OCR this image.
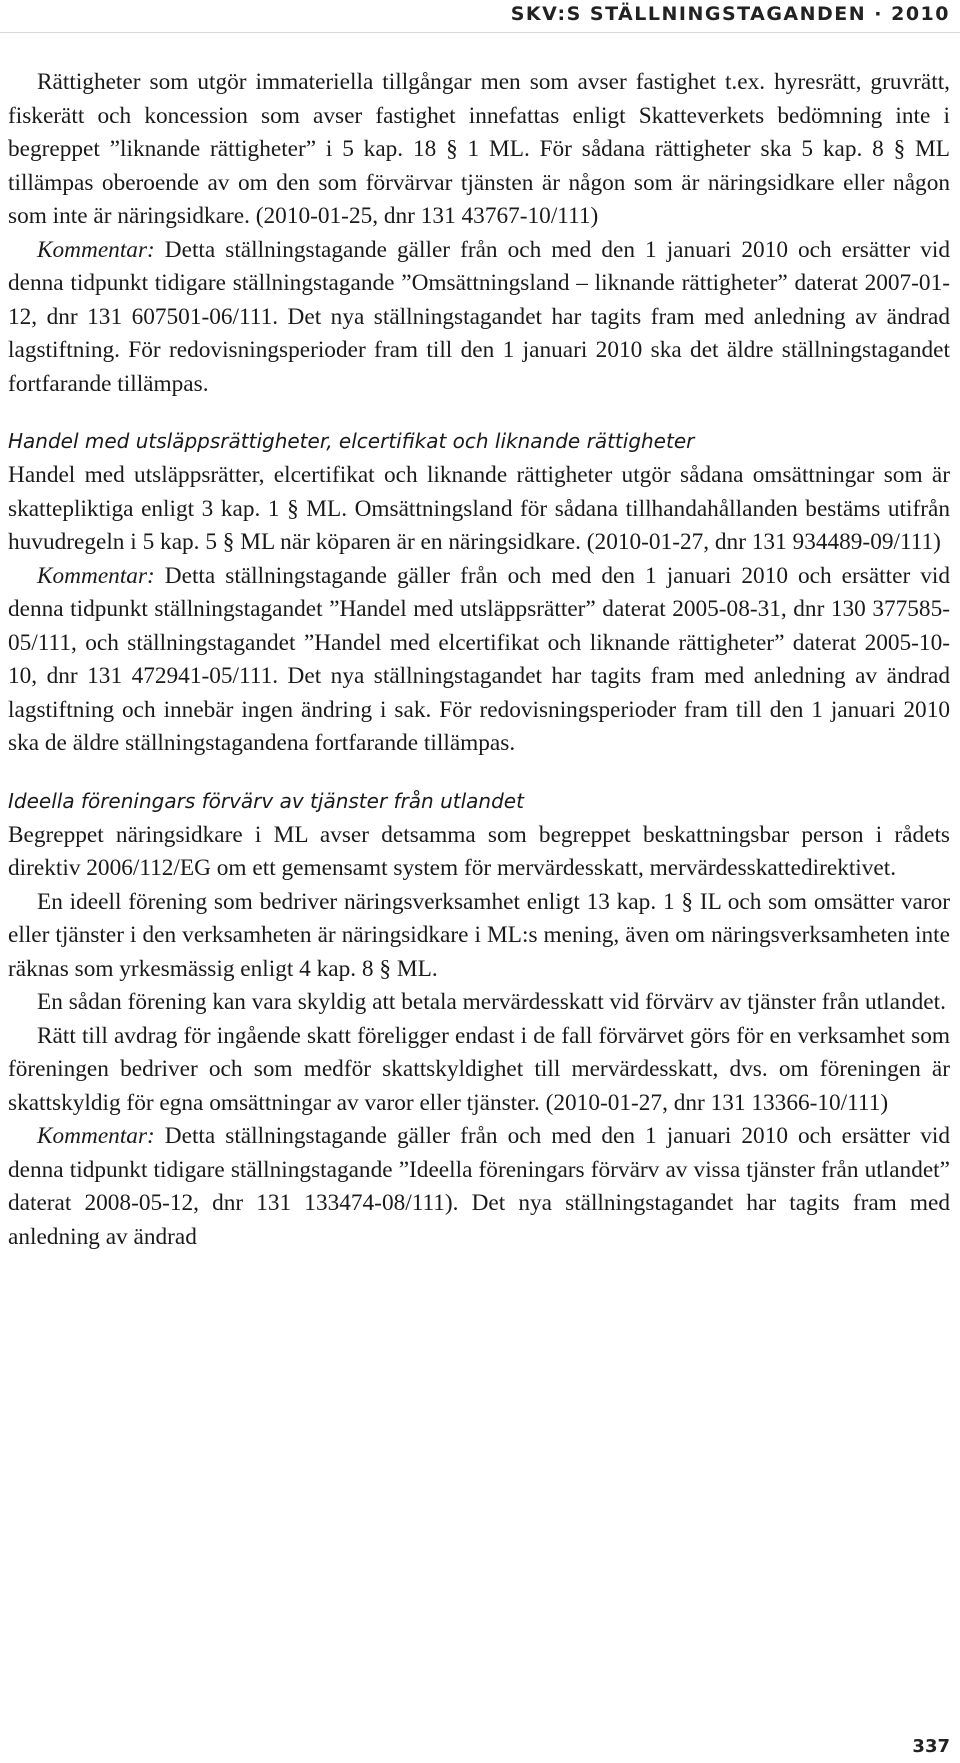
SKV:S STÄLLNINGSTAGANDEN · 2010

Rättigheter som utgör immateriella tillgångar men som avser fastighet t.ex. hyresrätt, gruvrätt, fiskerätt och koncession som avser fastighet innefattas enligt Skatteverkets bedömning inte i begreppet ”liknande rättigheter” i 5 kap. 18 § 1 ML. För sådana rättigheter ska 5 kap. 8 § ML tillämpas oberoende av om den som förvärvar tjänsten är någon som är näringsidkare eller någon som inte är näringsidkare. (2010-01-25, dnr 131 43767-10/111)

Kommentar: Detta ställningstagande gäller från och med den 1 januari 2010 och ersätter vid denna tidpunkt tidigare ställningstagande ”Omsättningsland – liknande rättigheter” daterat 2007-01-12, dnr 131 607501-06/111. Det nya ställningstagandet har tagits fram med anledning av ändrad lagstiftning. För redovisningsperioder fram till den 1 januari 2010 ska det äldre ställningstagandet fortfarande tillämpas.

Handel med utsläppsrättigheter, elcertifikat och liknande rättigheter

Handel med utsläppsrätter, elcertifikat och liknande rättigheter utgör sådana omsättningar som är skattepliktiga enligt 3 kap. 1 § ML. Omsättningsland för sådana tillhandahållanden bestäms utifrån huvudregeln i 5 kap. 5 § ML när köparen är en näringsidkare. (2010-01-27, dnr 131 934489-09/111)

Kommentar: Detta ställningstagande gäller från och med den 1 januari 2010 och ersätter vid denna tidpunkt ställningstagandet ”Handel med utsläppsrätter” daterat 2005-08-31, dnr 130 377585-05/111, och ställningstagandet ”Handel med elcertifikat och liknande rättigheter” daterat 2005-10-10, dnr 131 472941-05/111. Det nya ställningstagandet har tagits fram med anledning av ändrad lagstiftning och innebär ingen ändring i sak. För redovisningsperioder fram till den 1 januari 2010 ska de äldre ställningstagandena fortfarande tillämpas.

Ideella föreningars förvärv av tjänster från utlandet

Begreppet näringsidkare i ML avser detsamma som begreppet beskattningsbar person i rådets direktiv 2006/112/EG om ett gemensamt system för mervärdesskatt, mervärdesskattedirektivet.

En ideell förening som bedriver näringsverksamhet enligt 13 kap. 1 § IL och som omsätter varor eller tjänster i den verksamheten är näringsidkare i ML:s mening, även om näringsverksamheten inte räknas som yrkesmässig enligt 4 kap. 8 § ML.

En sådan förening kan vara skyldig att betala mervärdesskatt vid förvärv av tjänster från utlandet.

Rätt till avdrag för ingående skatt föreligger endast i de fall förvärvet görs för en verksamhet som föreningen bedriver och som medför skattskyldighet till mervärdesskatt, dvs. om föreningen är skattskyldig för egna omsättningar av varor eller tjänster. (2010-01-27, dnr 131 13366-10/111)

Kommentar: Detta ställningstagande gäller från och med den 1 januari 2010 och ersätter vid denna tidpunkt tidigare ställningstagande ”Ideella föreningars förvärv av vissa tjänster från utlandet” daterat 2008-05-12, dnr 131 133474-08/111). Det nya ställningstagandet har tagits fram med anledning av ändrad

337
